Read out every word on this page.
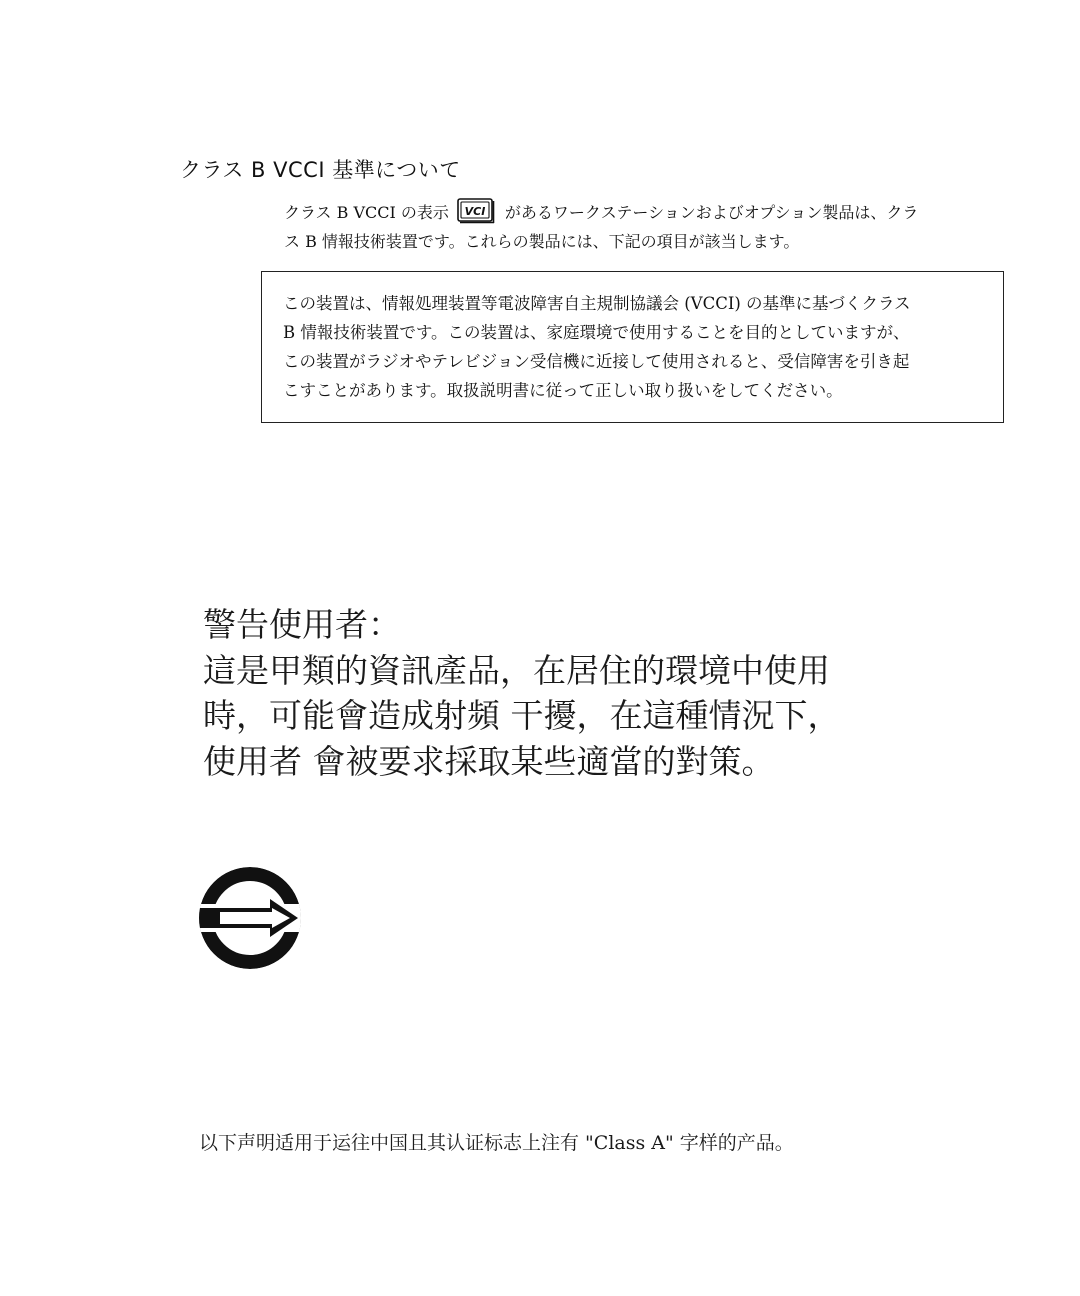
クラス B VCCI 基準について
クラス B VCCI の表示 VCI があるワークステーションおよびオプション製品は、クラ
ス B 情報技術装置です。これらの製品には、下記の項目が該当します。
この装置は、情報処理装置等電波障害自主規制協議会 (VCCI) の基準に基づくクラス
B 情報技術装置です。この装置は、家庭環境で使用することを目的としていますが、
この装置がラジオやテレビジョン受信機に近接して使用されると、受信障害を引き起
こすことがあります。取扱説明書に従って正しい取り扱いをしてください。
警告使用者：
這是甲類的資訊產品，在居住的環境中使用
時，可能會造成射頻 干擾，在這種情況下，
使用者 會被要求採取某些適當的對策。
以下声明适用于运往中国且其认证标志上注有 "Class A" 字样的产品。
